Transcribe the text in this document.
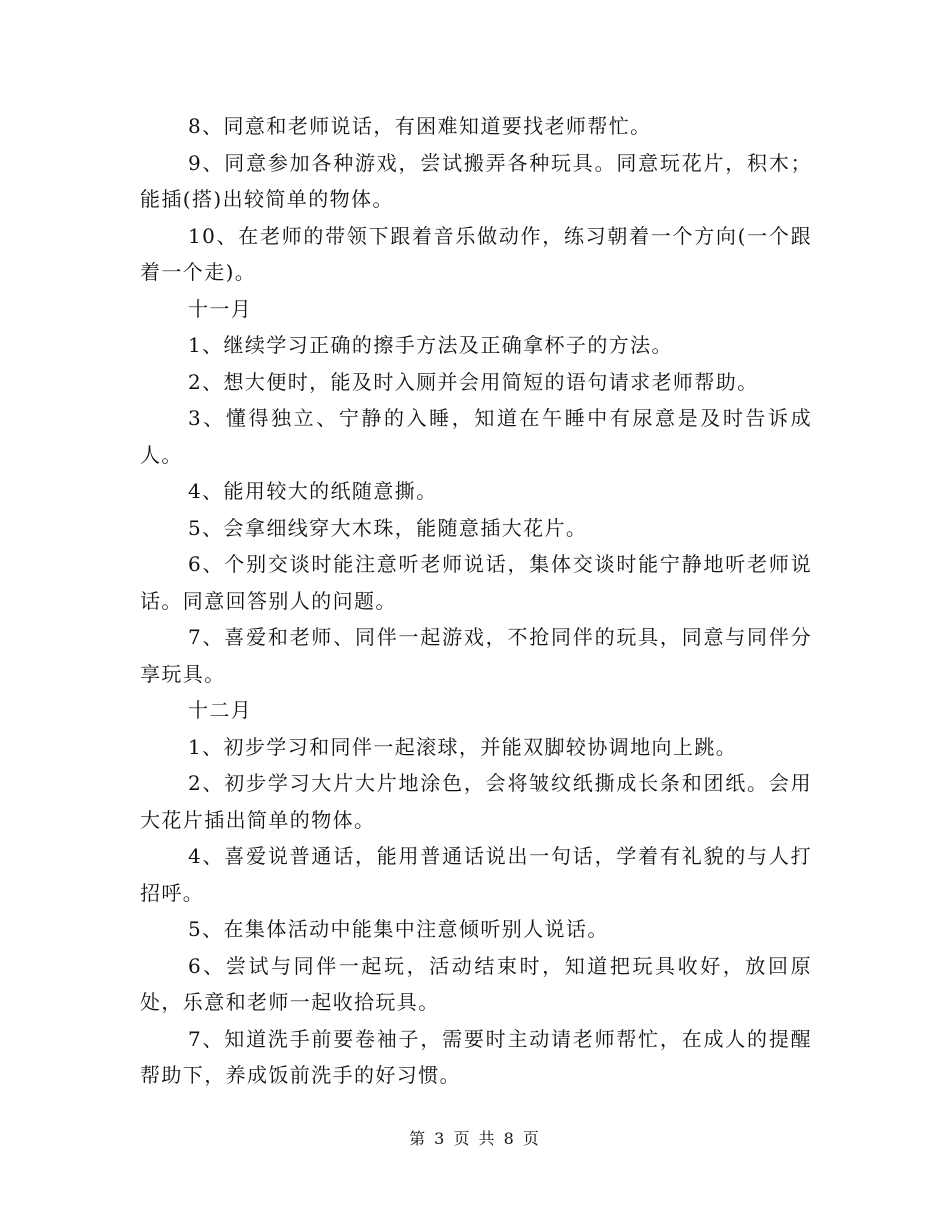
8、同意和老师说话，有困难知道要找老师帮忙。

9、同意参加各种游戏，尝试搬弄各种玩具。同意玩花片，积木；能插(搭)出较简单的物体。

10、在老师的带领下跟着音乐做动作，练习朝着一个方向(一个跟着一个走)。

十一月

1、继续学习正确的擦手方法及正确拿杯子的方法。

2、想大便时，能及时入厕并会用简短的语句请求老师帮助。

3、懂得独立、宁静的入睡，知道在午睡中有尿意是及时告诉成人。

4、能用较大的纸随意撕。

5、会拿细线穿大木珠，能随意插大花片。

6、个别交谈时能注意听老师说话，集体交谈时能宁静地听老师说话。同意回答别人的问题。

7、喜爱和老师、同伴一起游戏，不抢同伴的玩具，同意与同伴分享玩具。

十二月

1、初步学习和同伴一起滚球，并能双脚较协调地向上跳。

2、初步学习大片大片地涂色，会将皱纹纸撕成长条和团纸。会用大花片插出简单的物体。

4、喜爱说普通话，能用普通话说出一句话，学着有礼貌的与人打招呼。

5、在集体活动中能集中注意倾听别人说话。

6、尝试与同伴一起玩，活动结束时，知道把玩具收好，放回原处，乐意和老师一起收拾玩具。

7、知道洗手前要卷袖子，需要时主动请老师帮忙，在成人的提醒帮助下，养成饭前洗手的好习惯。

第 3 页 共 8 页
